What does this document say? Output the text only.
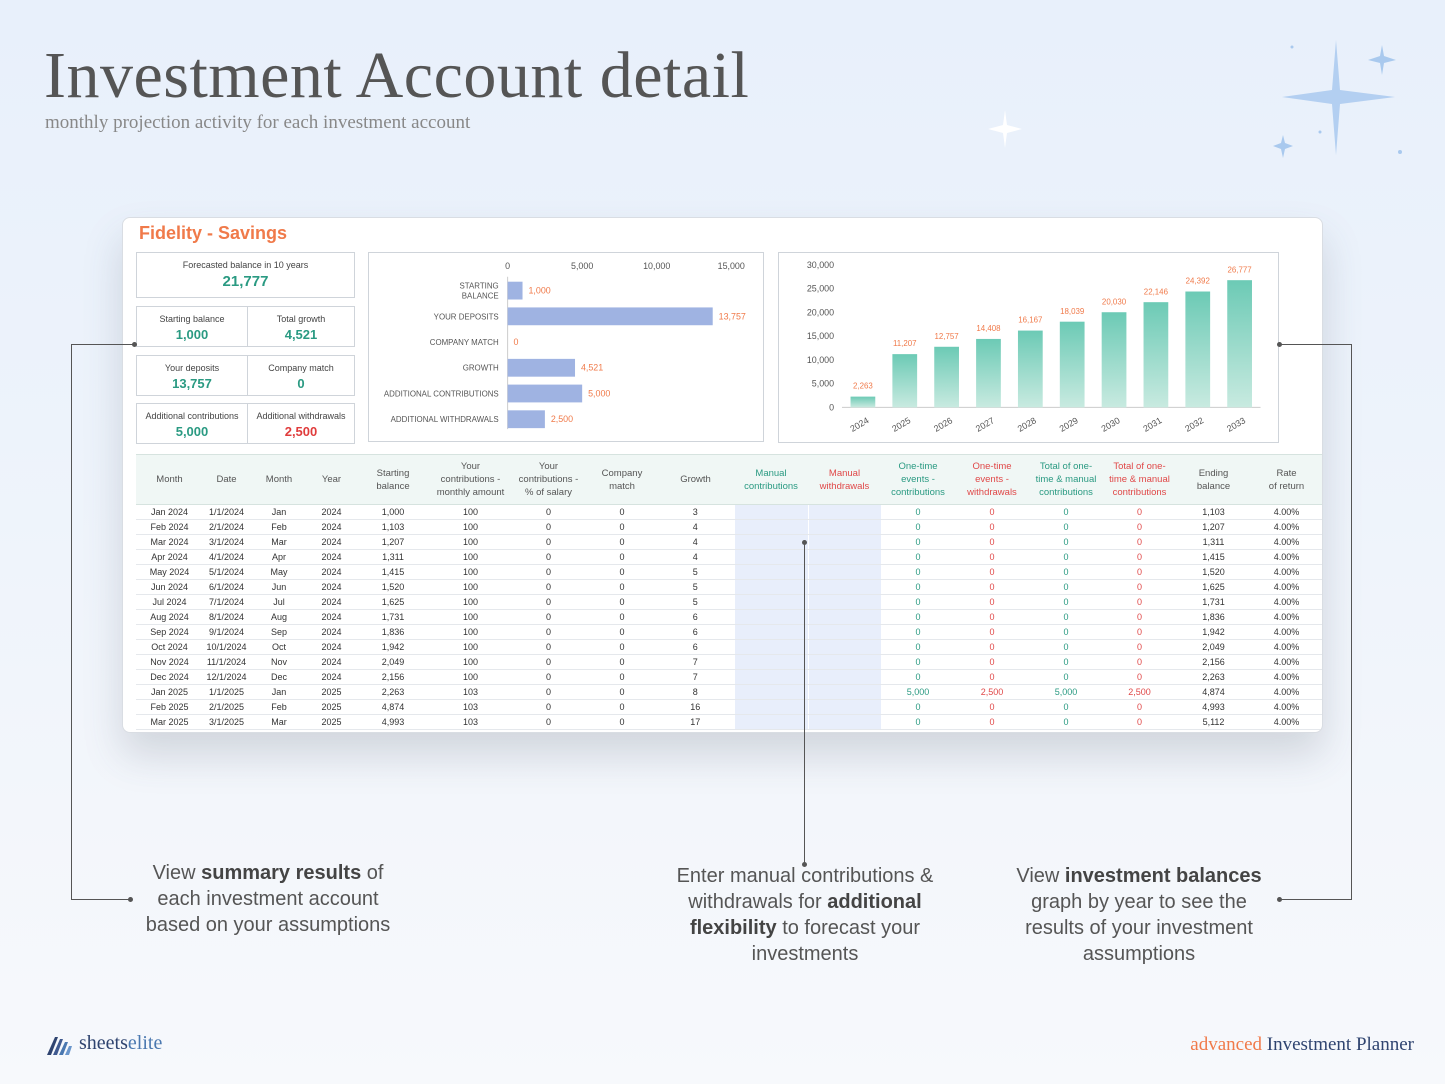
Investment Account detail
monthly projection activity for each investment account
Fidelity - Savings
Forecasted balance in 10 years
21,777
Starting balance
1,000
Total growth
4,521
Your deposits
13,757
Company match
0
Additional contributions
5,000
Additional withdrawals
2,500
0	5,000	10,000	15,000
STARTING
BALANCE
1,000
YOUR DEPOSITS	13,757
COMPANY MATCH 0
GROWTH	4,521
ADDITIONAL CONTRIBUTIONS	5,000
ADDITIONAL WITHDRAWALS	2,500
0
5,000
10,000
15,000
20,000
25,000
30,000
2,263
2024
11,207
2025
12,757
2026
14,408
2027
16,167
2028
18,039
2029
20,030
2030
22,146
2031
24,392
2032
26,777
2033
Month	Date	Month	Year	Starting
balance	Your
contributions -
monthly amount	Your
contributions -
% of salary	Company
match	Growth	Manual
contributions	Manual
withdrawals	One-time
events -
contributions	One-time
events -
withdrawals	Total of one-
time & manual
contributions	Total of one-
time & manual
contributions	Ending
balance	Rate
of return
Jan 2024	1/1/2024	Jan	2024	1,000	100	0	0	3			0	0	0	0	1,103	4.00%
Feb 2024	2/1/2024	Feb	2024	1,103	100	0	0	4			0	0	0	0	1,207	4.00%
Mar 2024	3/1/2024	Mar	2024	1,207	100	0	0	4			0	0	0	0	1,311	4.00%
Apr 2024	4/1/2024	Apr	2024	1,311	100	0	0	4			0	0	0	0	1,415	4.00%
May 2024	5/1/2024	May	2024	1,415	100	0	0	5			0	0	0	0	1,520	4.00%
Jun 2024	6/1/2024	Jun	2024	1,520	100	0	0	5			0	0	0	0	1,625	4.00%
Jul 2024	7/1/2024	Jul	2024	1,625	100	0	0	5			0	0	0	0	1,731	4.00%
Aug 2024	8/1/2024	Aug	2024	1,731	100	0	0	6			0	0	0	0	1,836	4.00%
Sep 2024	9/1/2024	Sep	2024	1,836	100	0	0	6			0	0	0	0	1,942	4.00%
Oct 2024	10/1/2024	Oct	2024	1,942	100	0	0	6			0	0	0	0	2,049	4.00%
Nov 2024	11/1/2024	Nov	2024	2,049	100	0	0	7			0	0	0	0	2,156	4.00%
Dec 2024	12/1/2024	Dec	2024	2,156	100	0	0	7			0	0	0	0	2,263	4.00%
Jan 2025	1/1/2025	Jan	2025	2,263	103	0	0	8			5,000	2,500	5,000	2,500	4,874	4.00%
Feb 2025	2/1/2025	Feb	2025	4,874	103	0	0	16			0	0	0	0	4,993	4.00%
Mar 2025	3/1/2025	Mar	2025	4,993	103	0	0	17			0	0	0	0	5,112	4.00%
View summary results of each investment account based on your assumptions
Enter manual contributions & withdrawals for additional flexibility to forecast your investments
View investment balances graph by year to see the results of your investment assumptions
sheetselite	advanced Investment Planner
